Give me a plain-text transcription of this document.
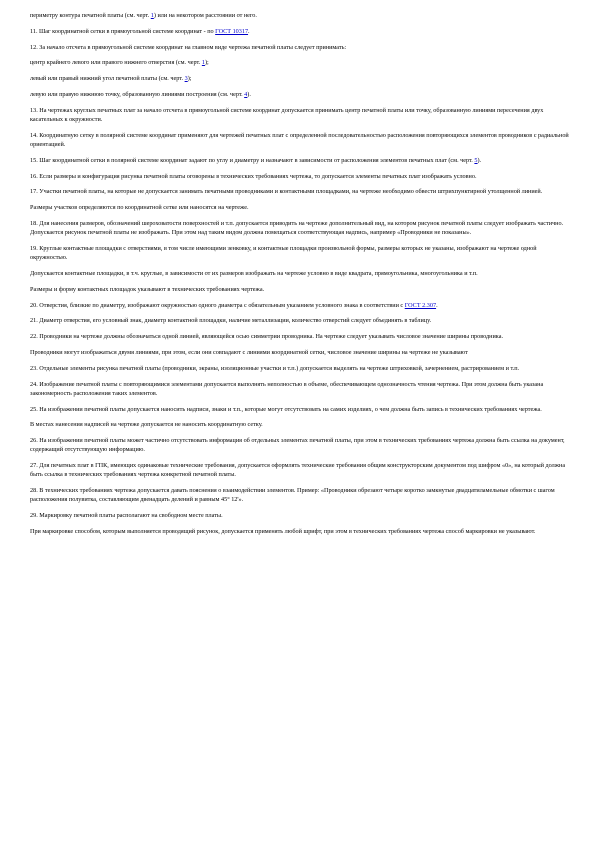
периметру контура печатной платы (см. черт. 1) или на некотором расстоянии от него.

11. Шаг координатной сетки в прямоугольной системе координат - по ГОСТ 10317.

12. За начало отсчета в прямоугольной системе координат на главном виде чертежа печатной платы следует принимать:

центр крайнего левого или правого нижнего отверстия (см. черт. 1);

левый или правый нижний угол печатной платы (см. черт. 3);

левую или правую нижнюю точку, образованную линиями построения (см. черт. 4).

13. На чертежах круглых печатных плат за начало отсчета в прямоугольной системе координат допускается принимать центр печатной платы или точку, образованную линиями пересечения двух касательных к окружности.

14. Координатную сетку в полярной системе координат применяют для чертежей печатных плат с определенной последовательностью расположения повторяющихся элементов проводников с радиальной ориентацией.

15. Шаг координатной сетки в полярной системе координат задают по углу и диаметру и назначают в зависимости от расположения элементов печатных плат (см. черт. 5).

16. Если размеры и конфигурация рисунка печатной платы оговорены в технических требованиях чертежа, то допускается элементы печатных плат изображать условно.

17. Участки печатной платы, на которые не допускается занимать печатными проводниками и контактными площадками, на чертеже необходимо обвести штрихпунктирной утолщенной линией.

Размеры участков определяются по координатной сетке или наносятся на чертеже.

18. Для нанесения размеров, обозначений шероховатости поверхностей и т.п. допускается приводить на чертеже дополнительный вид, на котором рисунок печатной платы следует изображать частично. Допускается рисунок печатной платы не изображать. При этом над таким видом должна помещаться соответствующая надпись, например «Проводники не показаны».

19. Круглые контактные площадки с отверстиями, в том числе имеющими зенковку, и контактные площадки произвольной формы, размеры которых не указаны, изображают на чертеже одной окружностью.

Допускается контактные площадки, в т.ч. круглые, в зависимости от их размеров изображать на чертеже условно в виде квадрата, прямоугольника, многоугольника и т.п.

Размеры и форму контактных площадок указывают в технических требованиях чертежа.

20. Отверстия, близкие по диаметру, изображают окружностью одного диаметра с обязательным указанием условного знака в соответствии с ГОСТ 2.307.

21. Диаметр отверстия, его условный знак, диаметр контактной площадки, наличие металлизации, количество отверстий следует объединять в таблицу.

22. Проводники на чертеже должны обозначаться одной линией, являющейся осью симметрии проводника. На чертеже следует указывать числовое значение ширины проводника.

Проводники могут изображаться двумя линиями, при этом, если они совпадают с линиями координатной сетки, числовое значение ширины на чертеже не указывают

23. Отдельные элементы рисунка печатной платы (проводники, экраны, изоляционные участки и т.п.) допускается выделять на чертеже штриховкой, зачернением, растрированием и т.п.

24. Изображение печатной платы с повторяющимися элементами допускается выполнять неполностью в объеме, обеспечивающем однозначность чтения чертежа. При этом должна быть указана закономерность расположения таких элементов.

25. На изображении печатной платы допускается наносить надписи, знаки и т.п., которые могут отсутствовать на самих изделиях, о чем должна быть запись в технических требованиях чертежа.

В местах нанесения надписей на чертеже допускается не наносить координатную сетку.

26. На изображении печатной платы может частично отсутствовать информация об отдельных элементах печатной платы, при этом в технических требованиях чертежа должна быть ссылка на документ, содержащий отсутствующую информацию.

27. Для печатных плат в ГПК, имеющих одинаковые технические требования, допускается оформлять технические требования общим конструкторским документом под шифром «0», на который должна быть ссылка в технических требованиях чертежа конкретной печатной платы.

28. В технических требованиях чертежа допускается давать пояснения о взаимодействии элементов. Пример: «Проводники обрезают четыре коротко замкнутые двадцатиламельные обмотки с шагом расположения полувитка, составляющим двенадцать делений и равным 45° 12'».

29. Маркировку печатной платы располагают на свободном месте платы.

При маркировке способом, которым выполняется проводящий рисунок, допускается применять любой шрифт, при этом в технических требованиях чертежа способ маркировки не указывают.
